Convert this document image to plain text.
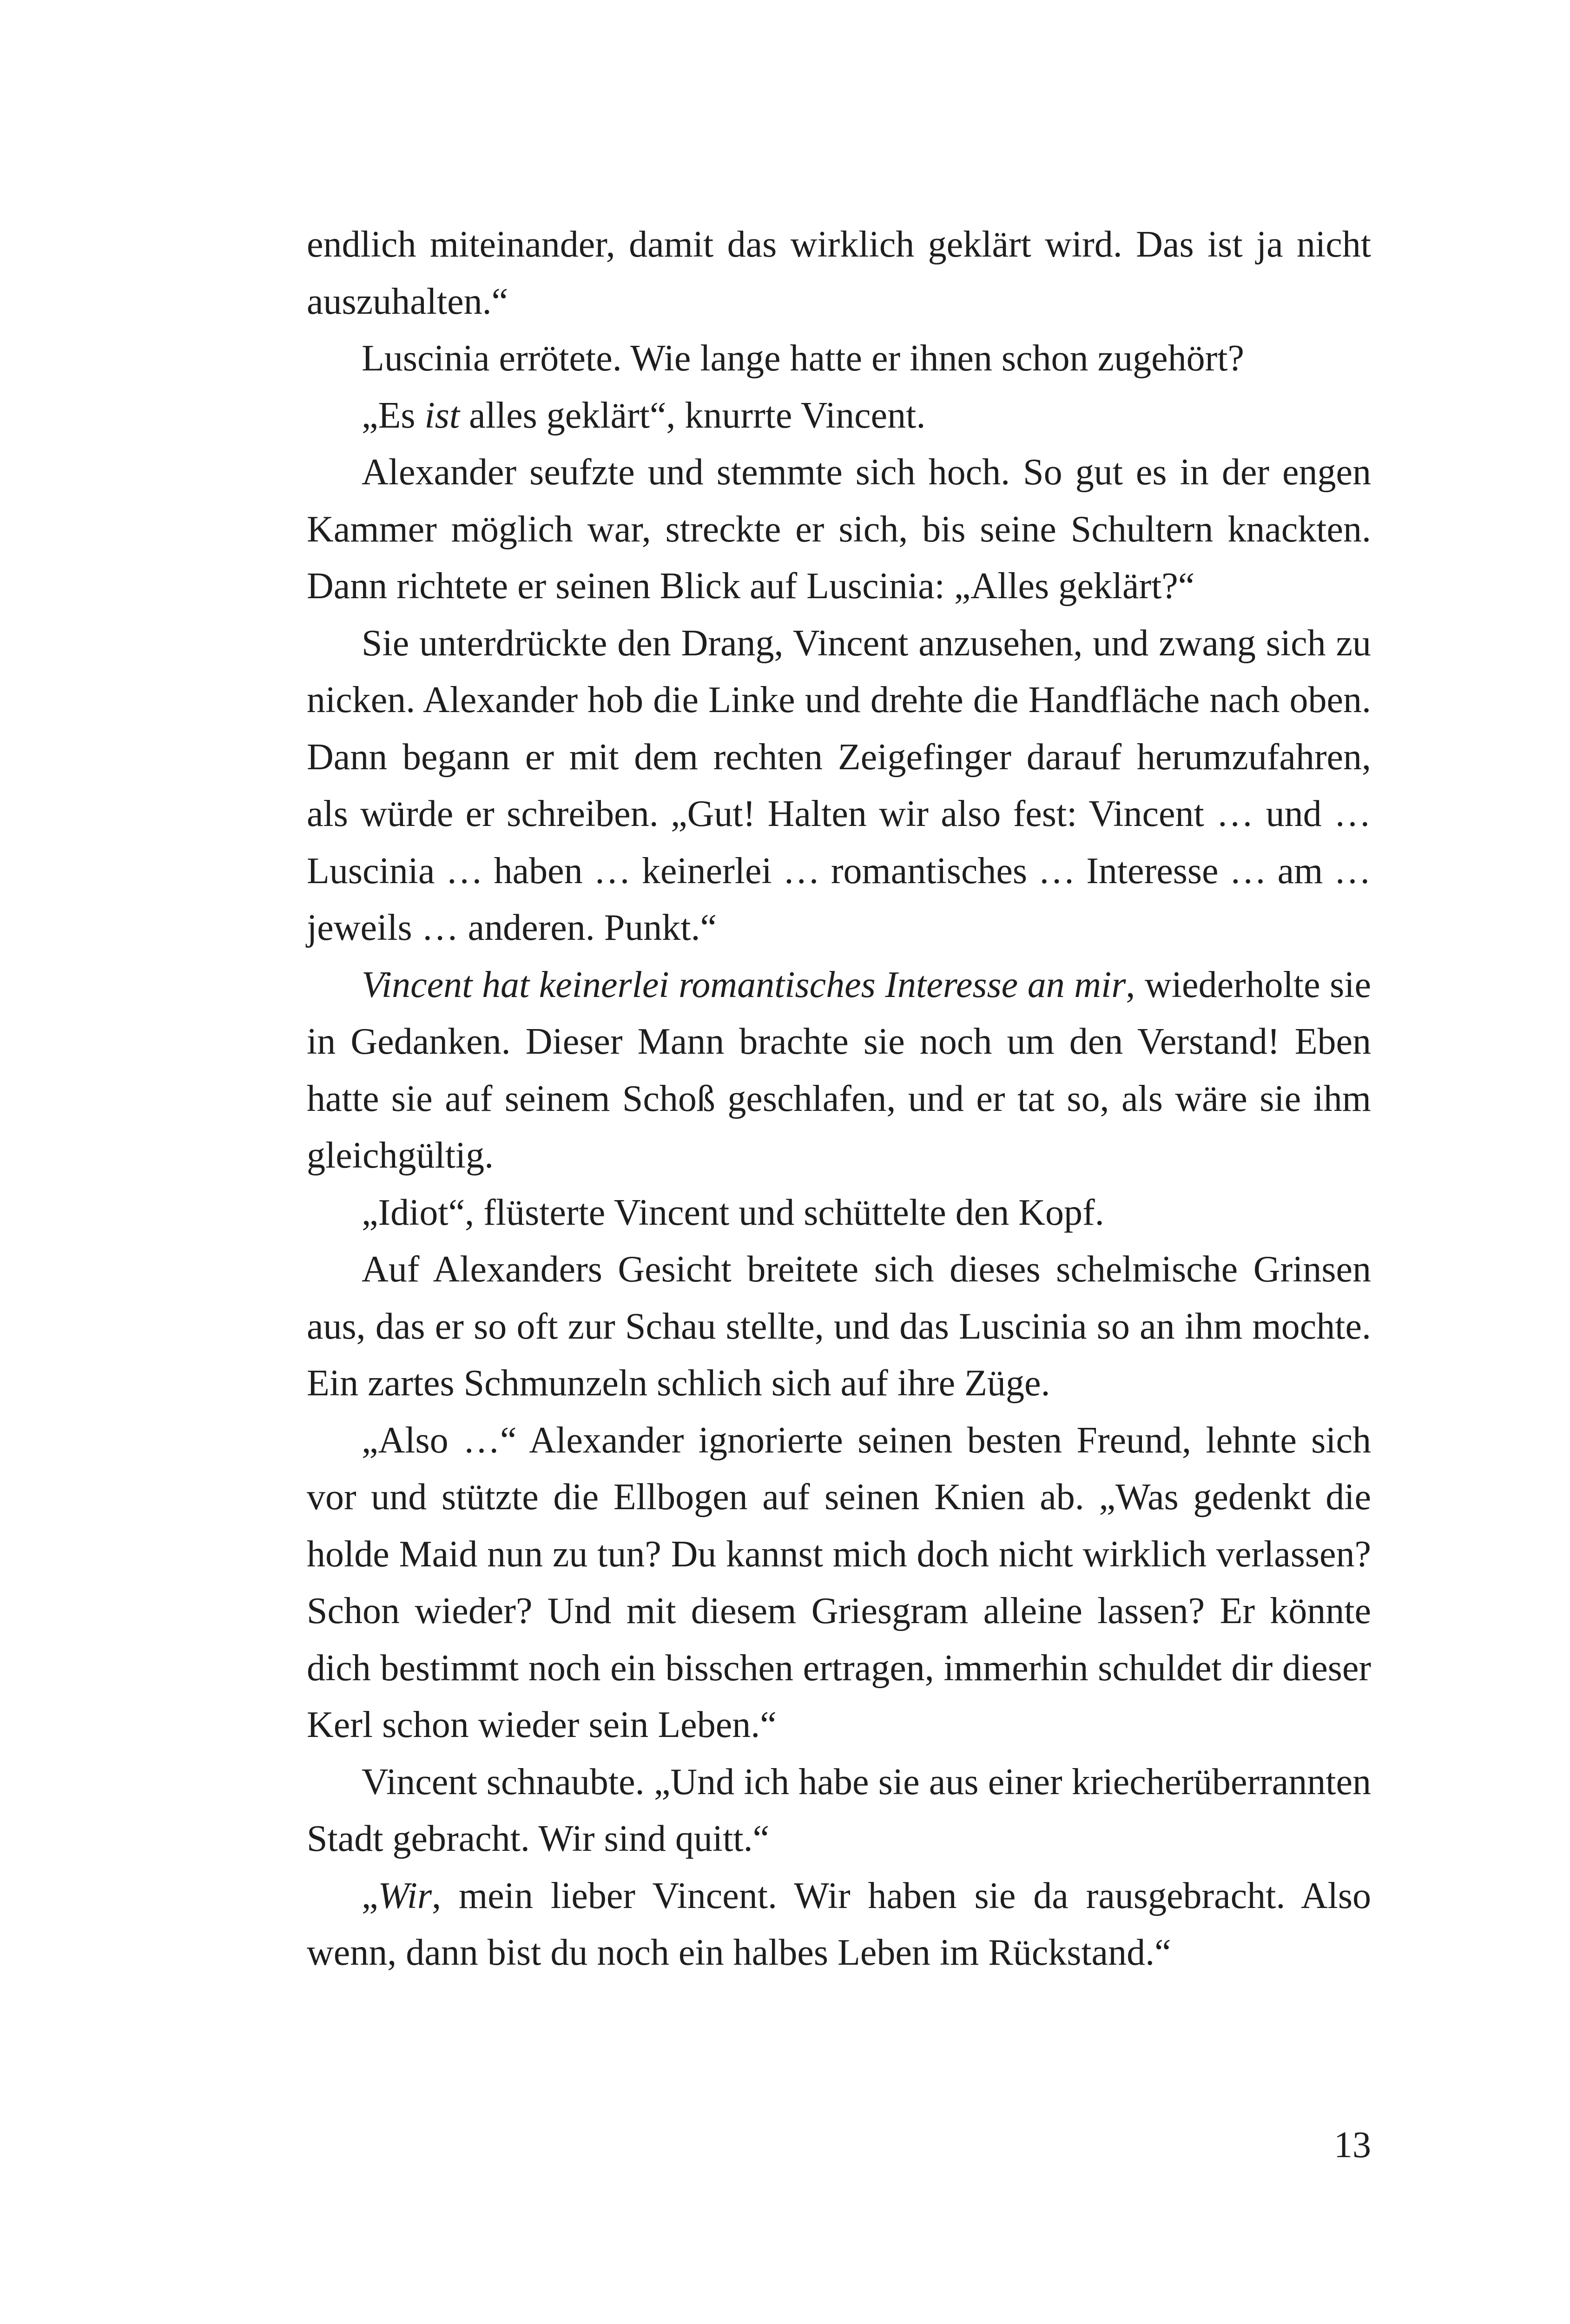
endlich miteinander, damit das wirklich geklärt wird. Das ist ja nicht auszuhalten.“

Luscinia errötete. Wie lange hatte er ihnen schon zugehört?

„Es ist alles geklärt“, knurrte Vincent.

Alexander seufzte und stemmte sich hoch. So gut es in der engen Kammer möglich war, streckte er sich, bis seine Schultern knackten. Dann richtete er seinen Blick auf Luscinia: „Alles geklärt?“

Sie unterdrückte den Drang, Vincent anzusehen, und zwang sich zu nicken. Alexander hob die Linke und drehte die Handfläche nach oben. Dann begann er mit dem rechten Zeigefinger darauf herumzufahren, als würde er schreiben. „Gut! Halten wir also fest: Vincent … und … Luscinia … haben … keinerlei … romantisches … Interesse … am … jeweils … anderen. Punkt.“

Vincent hat keinerlei romantisches Interesse an mir, wiederholte sie in Gedanken. Dieser Mann brachte sie noch um den Verstand! Eben hatte sie auf seinem Schoß geschlafen, und er tat so, als wäre sie ihm gleichgültig.

„Idiot“, flüsterte Vincent und schüttelte den Kopf.

Auf Alexanders Gesicht breitete sich dieses schelmische Grinsen aus, das er so oft zur Schau stellte, und das Luscinia so an ihm mochte. Ein zartes Schmunzeln schlich sich auf ihre Züge.

„Also …“ Alexander ignorierte seinen besten Freund, lehnte sich vor und stützte die Ellbogen auf seinen Knien ab. „Was gedenkt die holde Maid nun zu tun? Du kannst mich doch nicht wirklich verlassen? Schon wieder? Und mit diesem Griesgram alleine lassen? Er könnte dich bestimmt noch ein bisschen ertragen, immerhin schuldet dir dieser Kerl schon wieder sein Leben.“

Vincent schnaubte. „Und ich habe sie aus einer kriecherüberrannten Stadt gebracht. Wir sind quitt.“

„Wir, mein lieber Vincent. Wir haben sie da rausgebracht. Also wenn, dann bist du noch ein halbes Leben im Rückstand.“

13
